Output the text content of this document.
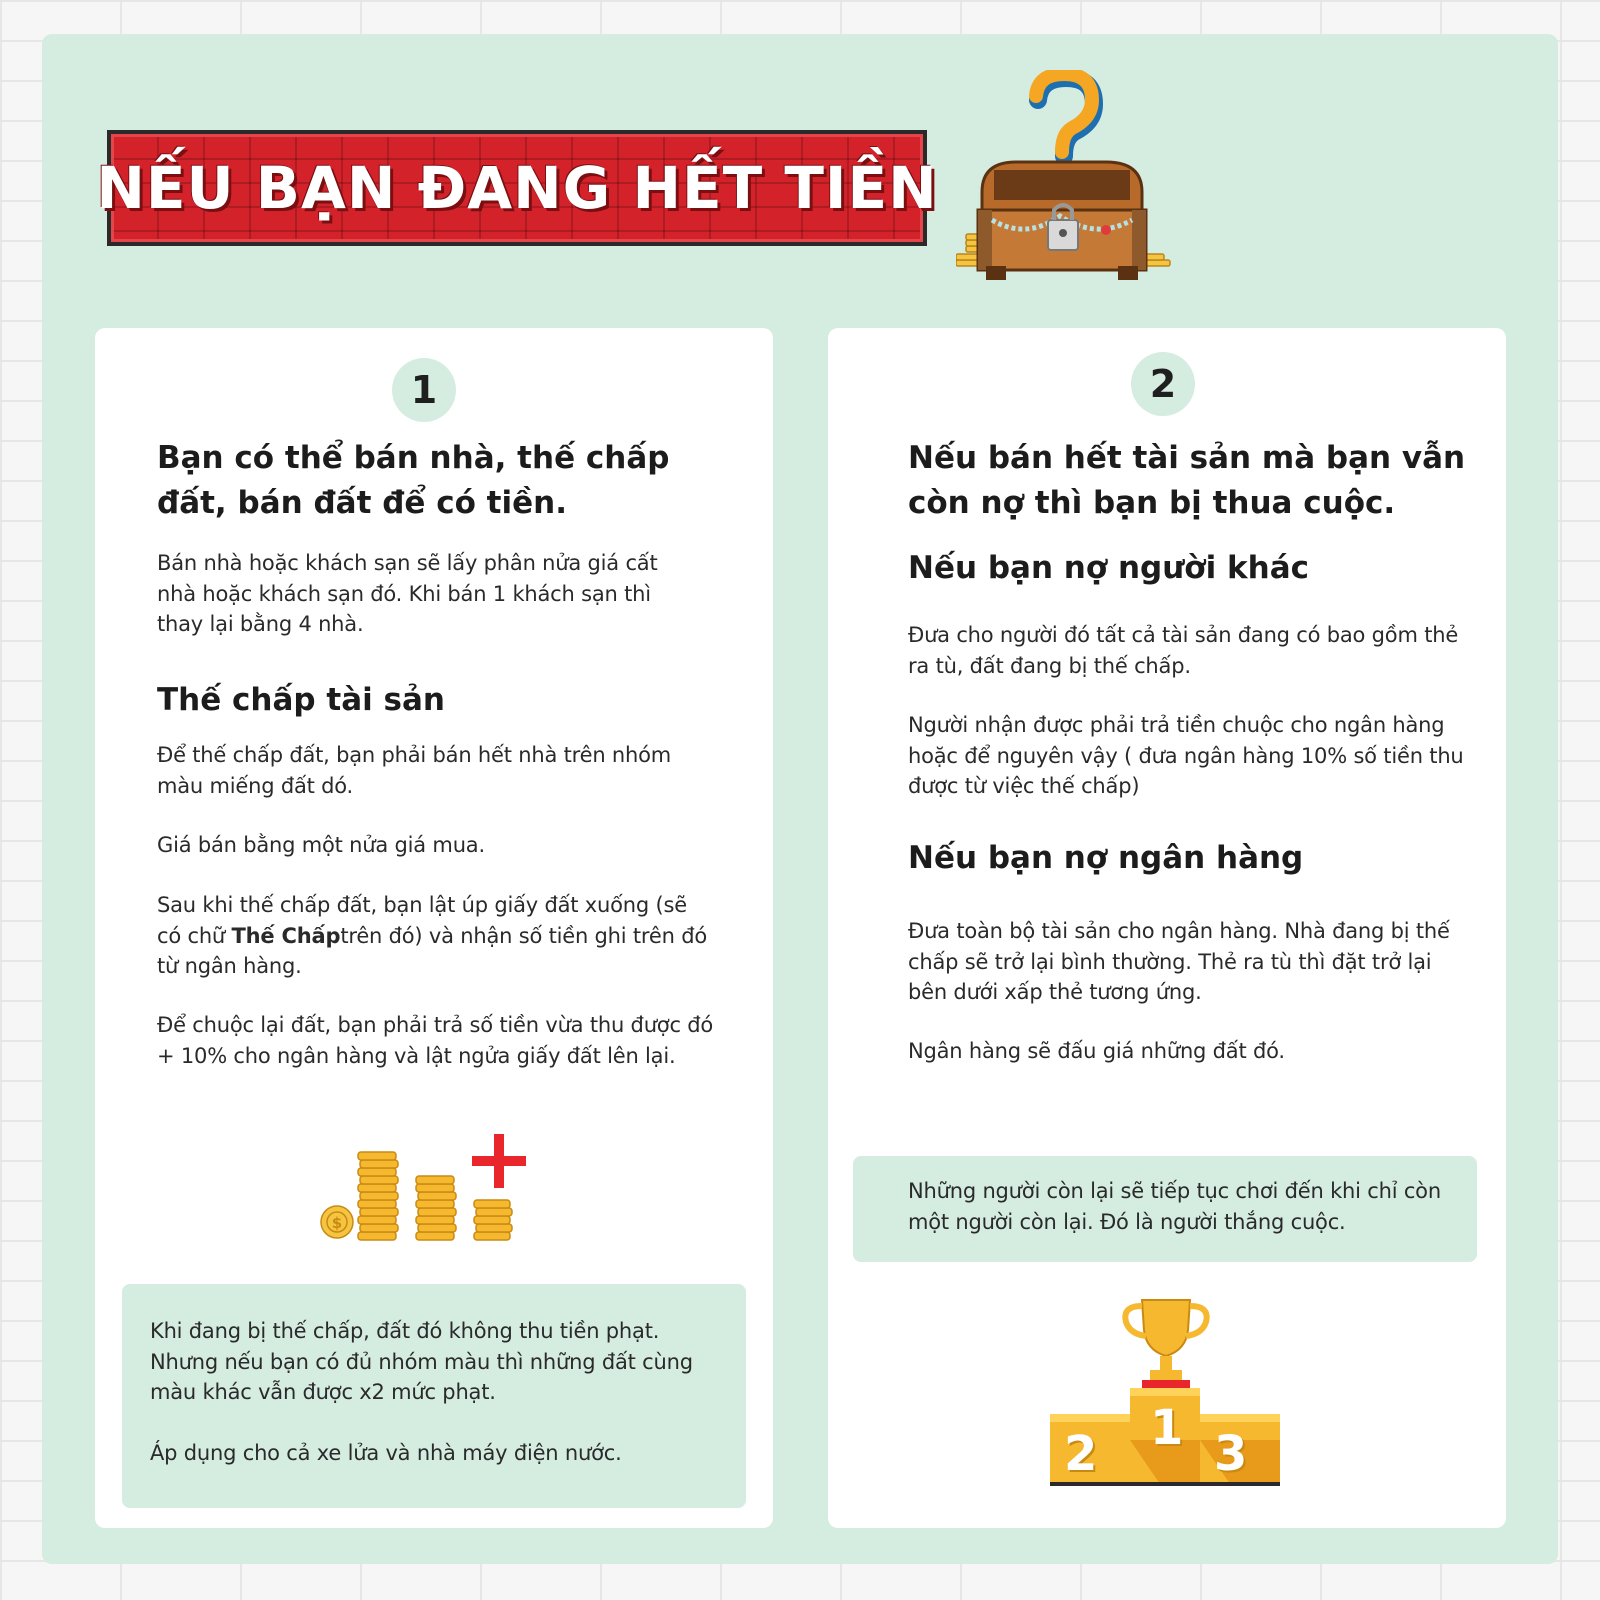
NẾU BẠN ĐANG HẾT TIỀN
1
Bạn có thể bán nhà, thế chấp đất, bán đất để có tiền.

Bán nhà hoặc khách sạn sẽ lấy phân nửa giá cất nhà hoặc khách sạn đó. Khi bán 1 khách sạn thì thay lại bằng 4 nhà.

Thế chấp tài sản

Để thế chấp đất, bạn phải bán hết nhà trên nhóm màu miếng đất dó.

Giá bán bằng một nửa giá mua.

Sau khi thế chấp đất, bạn lật úp giấy đất xuống (sẽ có chữ Thế Chấptrên đó) và nhận số tiền ghi trên đó từ ngân hàng.

Để chuộc lại đất, bạn phải trả số tiền vừa thu được đó + 10% cho ngân hàng và lật ngửa giấy đất lên lại.

$

Khi đang bị thế chấp, đất đó không thu tiền phạt. Nhưng nếu bạn có đủ nhóm màu thì những đất cùng màu khác vẫn được x2 mức phạt.

Áp dụng cho cả xe lửa và nhà máy điện nước.

2
Nếu bán hết tài sản mà bạn vẫn còn nợ thì bạn bị thua cuộc.
Nếu bạn nợ người khác

Đưa cho người đó tất cả tài sản đang có bao gồm thẻ ra tù, đất đang bị thế chấp.

Người nhận được phải trả tiền chuộc cho ngân hàng hoặc để nguyên vậy ( đưa ngân hàng 10% số tiền thu được từ việc thế chấp)

Nếu bạn nợ ngân hàng

Đưa toàn bộ tài sản cho ngân hàng. Nhà đang bị thế chấp sẽ trở lại bình thường. Thẻ ra tù thì đặt trở lại bên dưới xấp thẻ tương ứng.

Ngân hàng sẽ đấu giá những đất đó.

Những người còn lại sẽ tiếp tục chơi đến khi chỉ còn một người còn lại. Đó là người thắng cuộc.

2 1 3
